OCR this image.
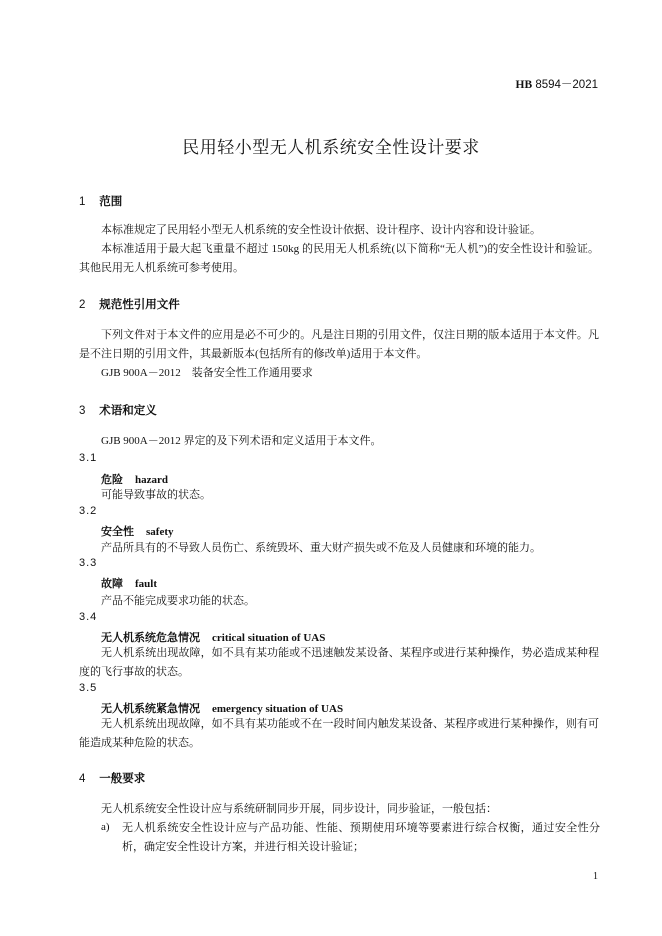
HB 8594－2021
民用轻小型无人机系统安全性设计要求
1 范围
本标准规定了民用轻小型无人机系统的安全性设计依据、设计程序、设计内容和设计验证。
本标准适用于最大起飞重量不超过 150kg 的民用无人机系统(以下简称“无人机”)的安全性设计和验证。其他民用无人机系统可参考使用。
2 规范性引用文件
下列文件对于本文件的应用是必不可少的。凡是注日期的引用文件，仅注日期的版本适用于本文件。凡是不注日期的引用文件，其最新版本(包括所有的修改单)适用于本文件。
GJB 900A－2012　装备安全性工作通用要求
3 术语和定义
GJB 900A－2012 界定的及下列术语和定义适用于本文件。
3.1
危险 hazard
可能导致事故的状态。
3.2
安全性 safety
产品所具有的不导致人员伤亡、系统毁坏、重大财产损失或不危及人员健康和环境的能力。
3.3
故障 fault
产品不能完成要求功能的状态。
3.4
无人机系统危急情况 critical situation of UAS
无人机系统出现故障，如不具有某功能或不迅速触发某设备、某程序或进行某种操作，势必造成某种程度的飞行事故的状态。
3.5
无人机系统紧急情况 emergency situation of UAS
无人机系统出现故障，如不具有某功能或不在一段时间内触发某设备、某程序或进行某种操作，则有可能造成某种危险的状态。
4 一般要求
无人机系统安全性设计应与系统研制同步开展，同步设计，同步验证，一般包括：
a) 无人机系统安全性设计应与产品功能、性能、预期使用环境等要素进行综合权衡，通过安全性分析，确定安全性设计方案，并进行相关设计验证；
1
